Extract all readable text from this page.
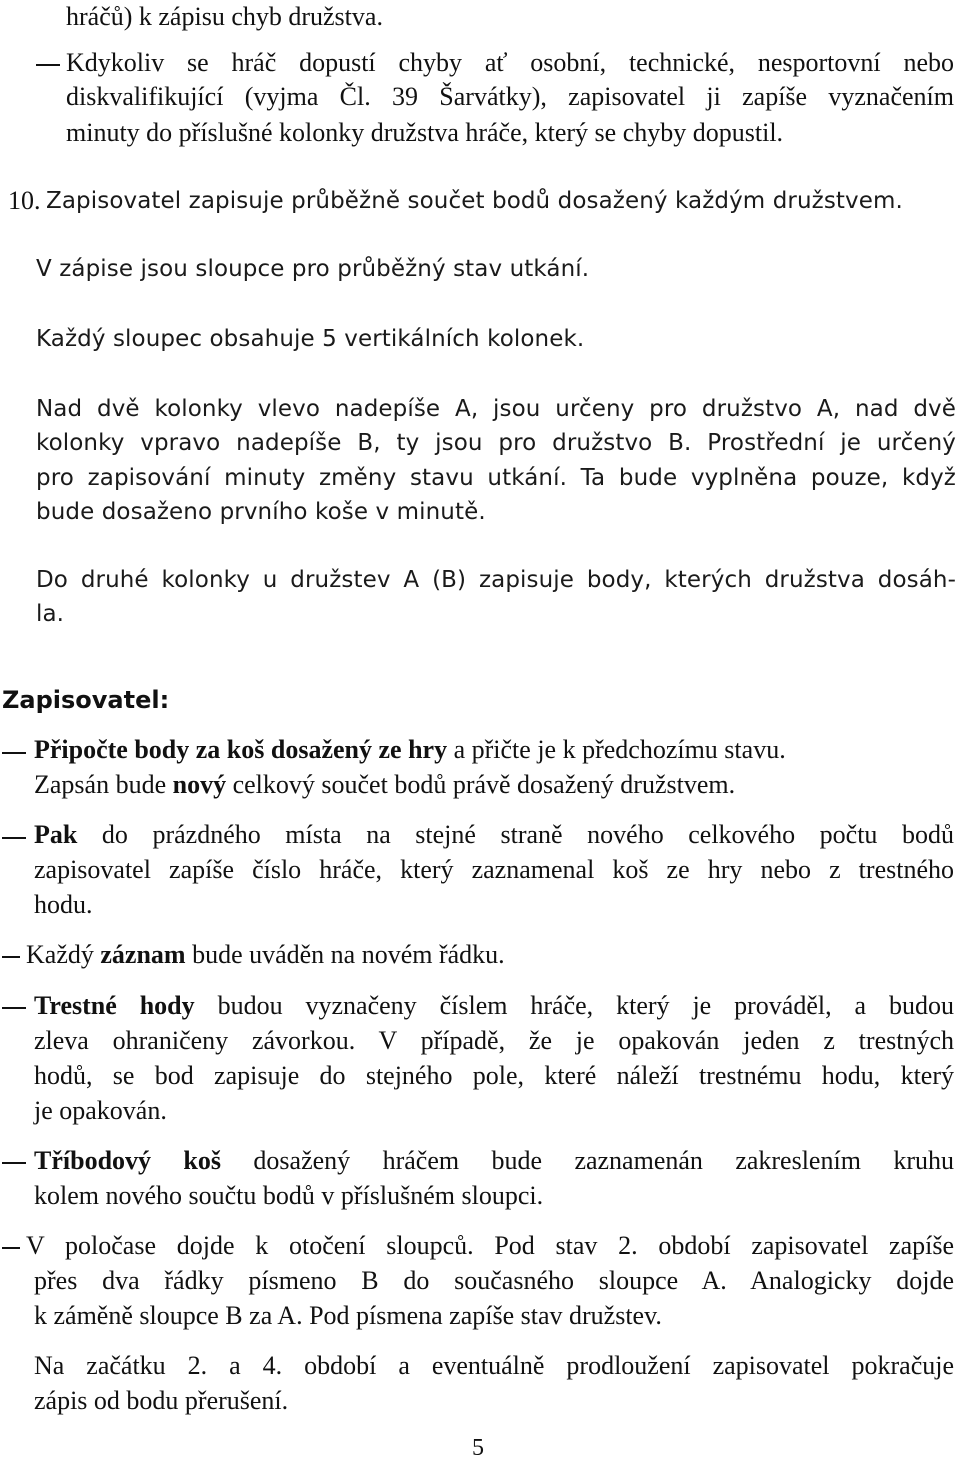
hráčů) k zápisu chyb družstva.
Kdykoliv se hráč dopustí chyby ať osobní, technické, nesportovní nebo
diskvalifikující (vyjma Čl. 39 Šarvátky), zapisovatel ji zapíše vyznačením
minuty do příslušné kolonky družstva hráče, který se chyby dopustil.
10. Zapisovatel zapisuje průběžně součet bodů dosažený každým družstvem.
V zápise jsou sloupce pro průběžný stav utkání.
Každý sloupec obsahuje 5 vertikálních kolonek.
Nad dvě kolonky vlevo nadepíše A, jsou určeny pro družstvo A, nad dvě
kolonky vpravo nadepíše B, ty jsou pro družstvo B. Prostřední je určený
pro zapisování minuty změny stavu utkání. Ta bude vyplněna pouze, když
bude dosaženo prvního koše v minutě.
Do druhé kolonky u družstev A (B) zapisuje body, kterých družstva dosáh-
la.
Zapisovatel:
Připočte body za koš dosažený ze hry a přičte je k předchozímu stavu.
Zapsán bude nový celkový součet bodů právě dosažený družstvem.
Pak do prázdného místa na stejné straně nového celkového počtu bodů
zapisovatel zapíše číslo hráče, který zaznamenal koš ze hry nebo z trestného
hodu.
Každý záznam bude uváděn na novém řádku.
Trestné hody budou vyznačeny číslem hráče, který je prováděl, a budou
zleva ohraničeny závorkou. V případě, že je opakován jeden z trestných
hodů, se bod zapisuje do stejného pole, které náleží trestnému hodu, který
je opakován.
Tříbodový koš dosažený hráčem bude zaznamenán zakreslením kruhu
kolem nového součtu bodů v příslušném sloupci.
V poločase dojde k otočení sloupců. Pod stav 2. období zapisovatel zapíše
přes dva řádky písmeno B do současného sloupce A. Analogicky dojde
k záměně sloupce B za A. Pod písmena zapíše stav družstev.
Na začátku 2. a 4. období a eventuálně prodloužení zapisovatel pokračuje
zápis od bodu přerušení.
5
